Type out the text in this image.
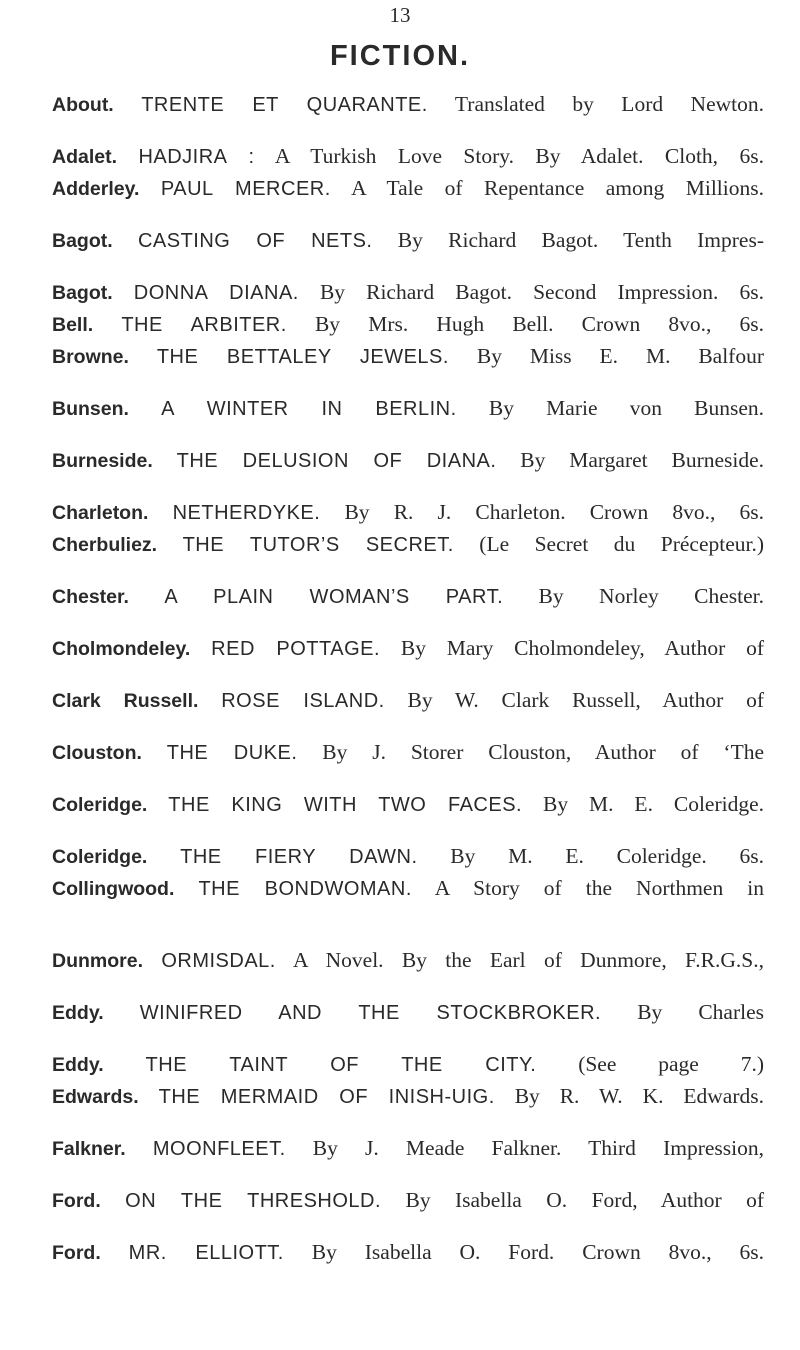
13
FICTION.
About. TRENTE ET QUARANTE. Translated by Lord Newton.
Adalet. HADJIRA : A Turkish Love Story. By Adalet. Cloth, 6s.
Adderley. PAUL MERCER. A Tale of Repentance among Millions.
Bagot. CASTING OF NETS. By Richard Bagot. Tenth Impres-
Bagot. DONNA DIANA. By Richard Bagot. Second Impression. 6s.
Bell. THE ARBITER. By Mrs. Hugh Bell. Crown 8vo., 6s.
Browne. THE BETTALEY JEWELS. By Miss E. M. Balfour
Bunsen. A WINTER IN BERLIN. By Marie von Bunsen.
Burneside. THE DELUSION OF DIANA. By Margaret Burneside.
Charleton. NETHERDYKE. By R. J. Charleton. Crown 8vo., 6s.
Cherbuliez. THE TUTOR’S SECRET. (Le Secret du Précepteur.)
Chester. A PLAIN WOMAN’S PART. By Norley Chester.
Cholmondeley. RED POTTAGE. By Mary Cholmondeley, Author of
Clark Russell. ROSE ISLAND. By W. Clark Russell, Author of
Clouston. THE DUKE. By J. Storer Clouston, Author of ‘The
Coleridge. THE KING WITH TWO FACES. By M. E. Coleridge.
Coleridge. THE FIERY DAWN. By M. E. Coleridge. 6s.
Collingwood. THE BONDWOMAN. A Story of the Northmen in
Dunmore. ORMISDAL. A Novel. By the Earl of Dunmore, F.R.G.S.,
Eddy. WINIFRED AND THE STOCKBROKER. By Charles
Eddy. THE TAINT OF THE CITY. (See page 7.)
Edwards. THE MERMAID OF INISH-UIG. By R. W. K. Edwards.
Falkner. MOONFLEET. By J. Meade Falkner. Third Impression,
Ford. ON THE THRESHOLD. By Isabella O. Ford, Author of
Ford. MR. ELLIOTT. By Isabella O. Ford. Crown 8vo., 6s.
